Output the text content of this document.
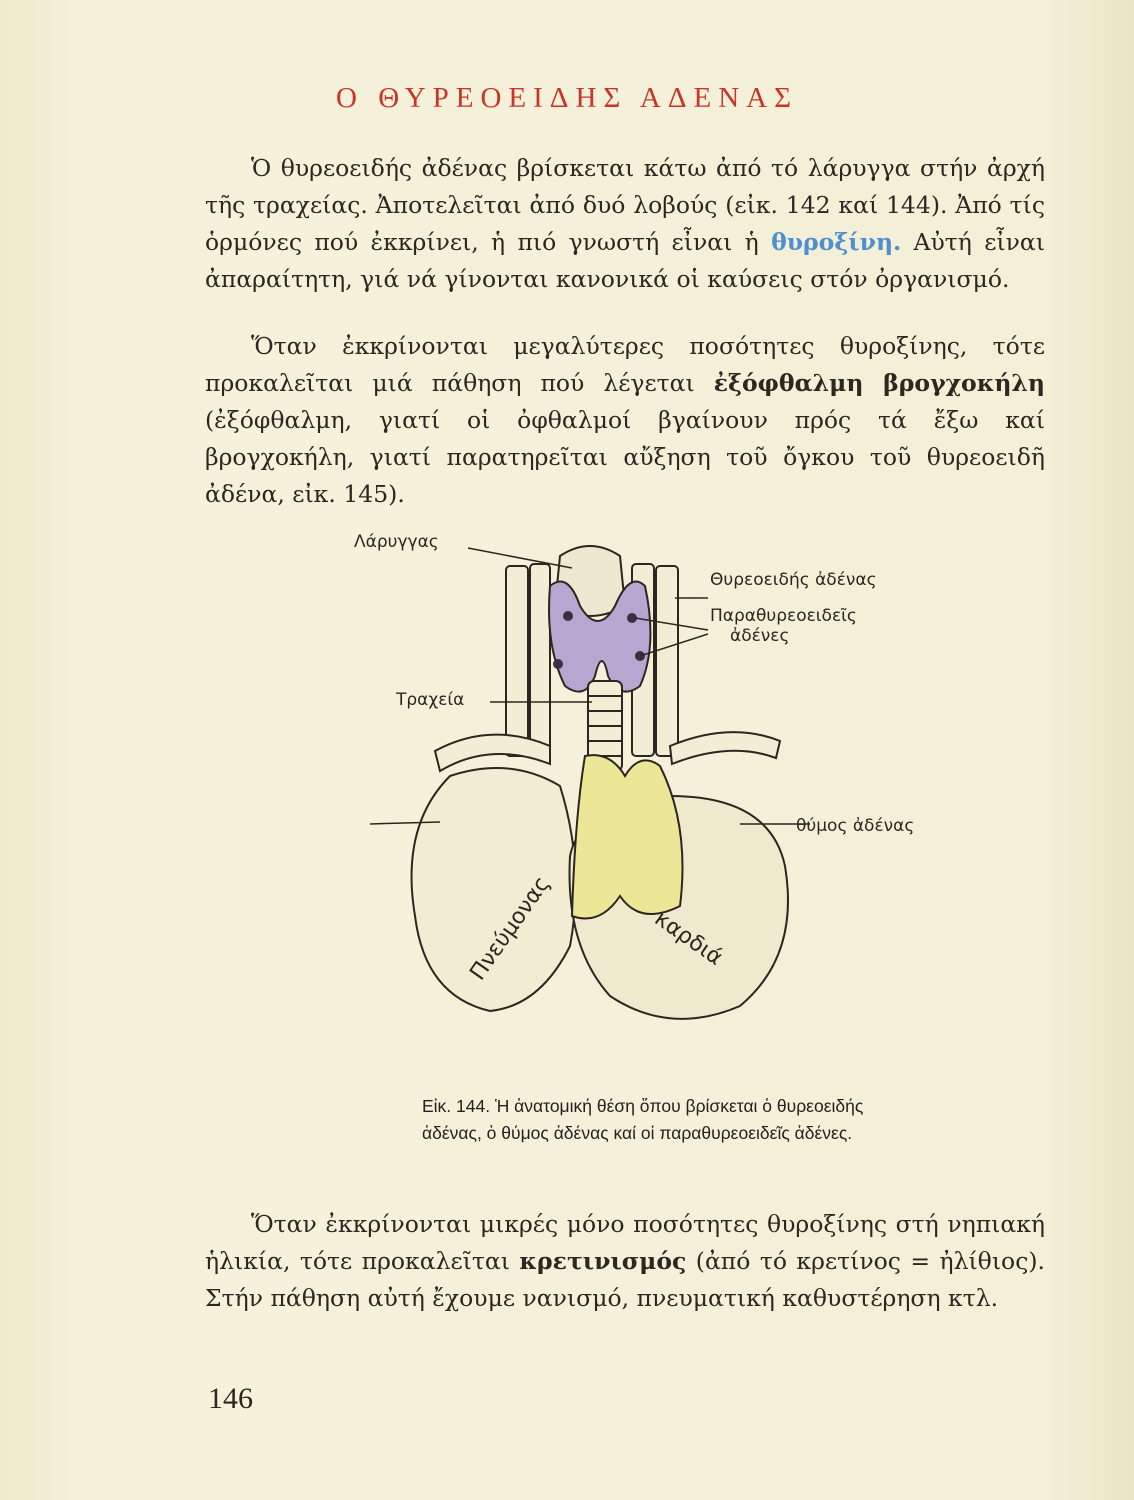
Ο ΘΥΡΕΟΕΙΔΗΣ ΑΔΕΝΑΣ
Ὁ θυρεοειδής ἀδένας βρίσκεται κάτω ἀπό τό λάρυγγα στήν ἀρχή τῆς τραχείας. Ἀποτελεῖται ἀπό δυό λοβούς (εἰκ. 142 καί 144). Ἀπό τίς ὁρμόνες πού ἐκκρίνει, ἡ πιό γνωστή εἶναι ἡ θυροξίνη. Αὐτή εἶναι ἀπαραίτητη, γιά νά γίνονται κανονικά οἱ καύσεις στόν ὀργανισμό.
Ὅταν ἐκκρίνονται μεγαλύτερες ποσότητες θυροξίνης, τότε προκαλεῖται μιά πάθηση πού λέγεται ἐξόφθαλμη βρογχοκήλη (ἐξόφθαλμη, γιατί οἱ ὀφθαλμοί βγαίνουν πρός τά ἔξω καί βρογχοκήλη, γιατί παρατηρεῖται αὔξηση τοῦ ὄγκου τοῦ θυρεοειδῆ ἀδένα, εἰκ. 145).
Λάρυγγας
Θυρεοειδής ἀδένας
Παραθυρεοειδεῖς
ἀδένες
Τραχεία
θύμος ἀδένας
Πνεύμονας	καρδιά
Εἰκ. 144. Ἡ ἀνατομική θέση ὅπου βρίσκεται ὁ θυρεοειδής ἀδένας, ὁ θύμος ἀδένας καί οἱ παραθυρεοειδεῖς ἀδένες.
Ὅταν ἐκκρίνονται μικρές μόνο ποσότητες θυροξίνης στή νηπιακή ἡλικία, τότε προκαλεῖται κρετινισμός (ἀπό τό κρετίνος = ἠλίθιος). Στήν πάθηση αὐτή ἔχουμε νανισμό, πνευματική καθυστέρηση κτλ.
146
